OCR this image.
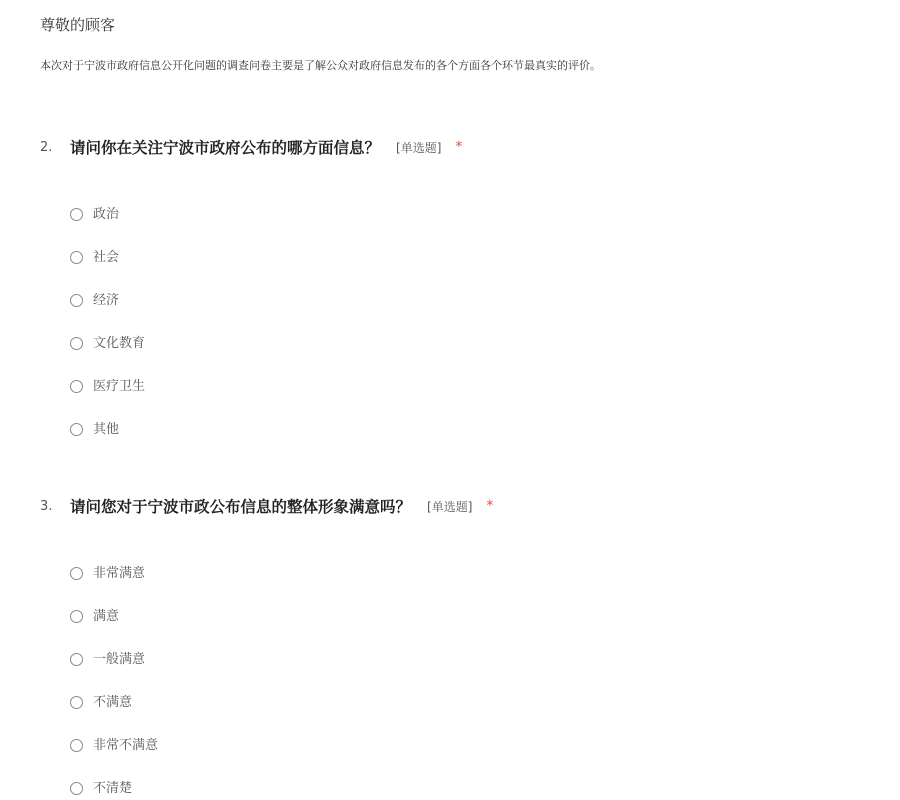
尊敬的顾客
本次对于宁波市政府信息公开化问题的调查问卷主要是了解公众对政府信息发布的各个方面各个环节最真实的评价。
2.	请问你在关注宁波市政府公布的哪方面信息？ [单选题] *
政治
社会
经济
文化教育
医疗卫生
其他
3.	请问您对于宁波市政公布信息的整体形象满意吗？ [单选题] *
非常满意
满意
一般满意
不满意
非常不满意
不清楚
